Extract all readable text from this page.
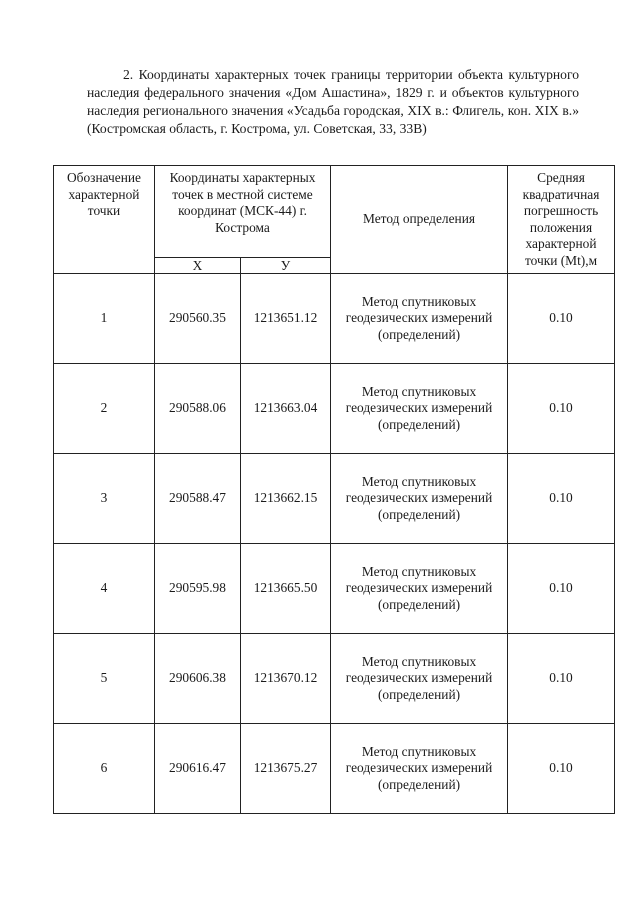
2. Координаты характерных точек границы территории объекта культурного наследия федерального значения «Дом Ашастина», 1829 г. и объектов культурного наследия регионального значения «Усадьба городская, XIX в.: Флигель, кон. XIX в.» (Костромская область, г. Кострома, ул. Советская, 33, 33В)

Обозначение характерной точки	Координаты характерных точек в местной системе координат (МСК-44) г. Кострома		Метод определения	Средняя квадратичная погрешность положения характерной точки (Mt),м
	Х	У		
1	290560.35	1213651.12	Метод спутниковых геодезических измерений (определений)	0.10
2	290588.06	1213663.04	Метод спутниковых геодезических измерений (определений)	0.10
3	290588.47	1213662.15	Метод спутниковых геодезических измерений (определений)	0.10
4	290595.98	1213665.50	Метод спутниковых геодезических измерений (определений)	0.10
5	290606.38	1213670.12	Метод спутниковых геодезических измерений (определений)	0.10
6	290616.47	1213675.27	Метод спутниковых геодезических измерений (определений)	0.10
